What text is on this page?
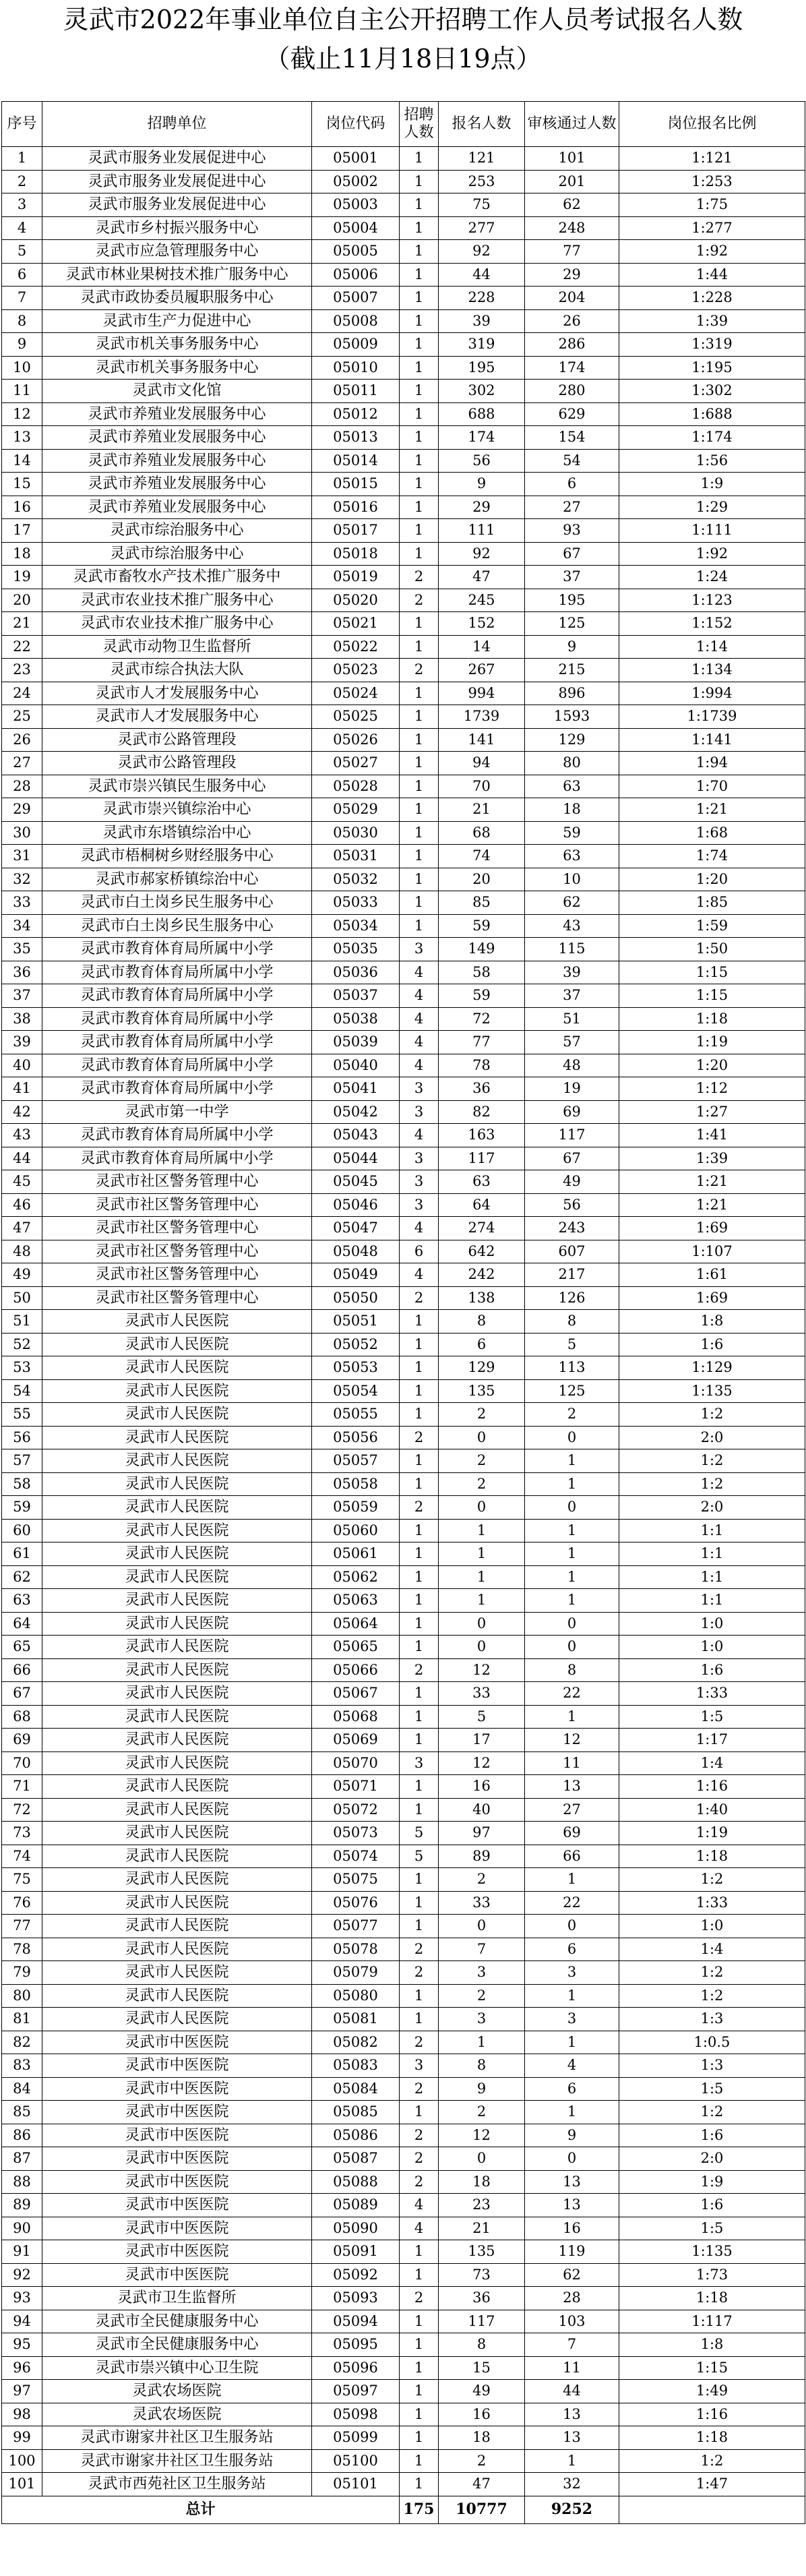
灵武市2022年事业单位自主公开招聘工作人员考试报名人数
（截止11月18日19点）
序号	招聘单位	岗位代码	招聘人数	报名人数	审核通过人数	岗位报名比例
1	灵武市服务业发展促进中心	05001	1	121	101	1:121
2	灵武市服务业发展促进中心	05002	1	253	201	1:253
3	灵武市服务业发展促进中心	05003	1	75	62	1:75
4	灵武市乡村振兴服务中心	05004	1	277	248	1:277
5	灵武市应急管理服务中心	05005	1	92	77	1:92
6	灵武市林业果树技术推广服务中心	05006	1	44	29	1:44
7	灵武市政协委员履职服务中心	05007	1	228	204	1:228
8	灵武市生产力促进中心	05008	1	39	26	1:39
9	灵武市机关事务服务中心	05009	1	319	286	1:319
10	灵武市机关事务服务中心	05010	1	195	174	1:195
11	灵武市文化馆	05011	1	302	280	1:302
12	灵武市养殖业发展服务中心	05012	1	688	629	1:688
13	灵武市养殖业发展服务中心	05013	1	174	154	1:174
14	灵武市养殖业发展服务中心	05014	1	56	54	1:56
15	灵武市养殖业发展服务中心	05015	1	9	6	1:9
16	灵武市养殖业发展服务中心	05016	1	29	27	1:29
17	灵武市综治服务中心	05017	1	111	93	1:111
18	灵武市综治服务中心	05018	1	92	67	1:92
19	灵武市畜牧水产技术推广服务中	05019	2	47	37	1:24
20	灵武市农业技术推广服务中心	05020	2	245	195	1:123
21	灵武市农业技术推广服务中心	05021	1	152	125	1:152
22	灵武市动物卫生监督所	05022	1	14	9	1:14
23	灵武市综合执法大队	05023	2	267	215	1:134
24	灵武市人才发展服务中心	05024	1	994	896	1:994
25	灵武市人才发展服务中心	05025	1	1739	1593	1:1739
26	灵武市公路管理段	05026	1	141	129	1:141
27	灵武市公路管理段	05027	1	94	80	1:94
28	灵武市崇兴镇民生服务中心	05028	1	70	63	1:70
29	灵武市崇兴镇综治中心	05029	1	21	18	1:21
30	灵武市东塔镇综治中心	05030	1	68	59	1:68
31	灵武市梧桐树乡财经服务中心	05031	1	74	63	1:74
32	灵武市郝家桥镇综治中心	05032	1	20	10	1:20
33	灵武市白土岗乡民生服务中心	05033	1	85	62	1:85
34	灵武市白土岗乡民生服务中心	05034	1	59	43	1:59
35	灵武市教育体育局所属中小学	05035	3	149	115	1:50
36	灵武市教育体育局所属中小学	05036	4	58	39	1:15
37	灵武市教育体育局所属中小学	05037	4	59	37	1:15
38	灵武市教育体育局所属中小学	05038	4	72	51	1:18
39	灵武市教育体育局所属中小学	05039	4	77	57	1:19
40	灵武市教育体育局所属中小学	05040	4	78	48	1:20
41	灵武市教育体育局所属中小学	05041	3	36	19	1:12
42	灵武市第一中学	05042	3	82	69	1:27
43	灵武市教育体育局所属中小学	05043	4	163	117	1:41
44	灵武市教育体育局所属中小学	05044	3	117	67	1:39
45	灵武市社区警务管理中心	05045	3	63	49	1:21
46	灵武市社区警务管理中心	05046	3	64	56	1:21
47	灵武市社区警务管理中心	05047	4	274	243	1:69
48	灵武市社区警务管理中心	05048	6	642	607	1:107
49	灵武市社区警务管理中心	05049	4	242	217	1:61
50	灵武市社区警务管理中心	05050	2	138	126	1:69
51	灵武市人民医院	05051	1	8	8	1:8
52	灵武市人民医院	05052	1	6	5	1:6
53	灵武市人民医院	05053	1	129	113	1:129
54	灵武市人民医院	05054	1	135	125	1:135
55	灵武市人民医院	05055	1	2	2	1:2
56	灵武市人民医院	05056	2	0	0	2:0
57	灵武市人民医院	05057	1	2	1	1:2
58	灵武市人民医院	05058	1	2	1	1:2
59	灵武市人民医院	05059	2	0	0	2:0
60	灵武市人民医院	05060	1	1	1	1:1
61	灵武市人民医院	05061	1	1	1	1:1
62	灵武市人民医院	05062	1	1	1	1:1
63	灵武市人民医院	05063	1	1	1	1:1
64	灵武市人民医院	05064	1	0	0	1:0
65	灵武市人民医院	05065	1	0	0	1:0
66	灵武市人民医院	05066	2	12	8	1:6
67	灵武市人民医院	05067	1	33	22	1:33
68	灵武市人民医院	05068	1	5	1	1:5
69	灵武市人民医院	05069	1	17	12	1:17
70	灵武市人民医院	05070	3	12	11	1:4
71	灵武市人民医院	05071	1	16	13	1:16
72	灵武市人民医院	05072	1	40	27	1:40
73	灵武市人民医院	05073	5	97	69	1:19
74	灵武市人民医院	05074	5	89	66	1:18
75	灵武市人民医院	05075	1	2	1	1:2
76	灵武市人民医院	05076	1	33	22	1:33
77	灵武市人民医院	05077	1	0	0	1:0
78	灵武市人民医院	05078	2	7	6	1:4
79	灵武市人民医院	05079	2	3	3	1:2
80	灵武市人民医院	05080	1	2	1	1:2
81	灵武市人民医院	05081	1	3	3	1:3
82	灵武市中医医院	05082	2	1	1	1:0.5
83	灵武市中医医院	05083	3	8	4	1:3
84	灵武市中医医院	05084	2	9	6	1:5
85	灵武市中医医院	05085	1	2	1	1:2
86	灵武市中医医院	05086	2	12	9	1:6
87	灵武市中医医院	05087	2	0	0	2:0
88	灵武市中医医院	05088	2	18	13	1:9
89	灵武市中医医院	05089	4	23	13	1:6
90	灵武市中医医院	05090	4	21	16	1:5
91	灵武市中医医院	05091	1	135	119	1:135
92	灵武市中医医院	05092	1	73	62	1:73
93	灵武市卫生监督所	05093	2	36	28	1:18
94	灵武市全民健康服务中心	05094	1	117	103	1:117
95	灵武市全民健康服务中心	05095	1	8	7	1:8
96	灵武市崇兴镇中心卫生院	05096	1	15	11	1:15
97	灵武农场医院	05097	1	49	44	1:49
98	灵武农场医院	05098	1	16	13	1:16
99	灵武市谢家井社区卫生服务站	05099	1	18	13	1:18
100	灵武市谢家井社区卫生服务站	05100	1	2	1	1:2
101	灵武市西苑社区卫生服务站	05101	1	47	32	1:47
总计			175	10777	9252	
